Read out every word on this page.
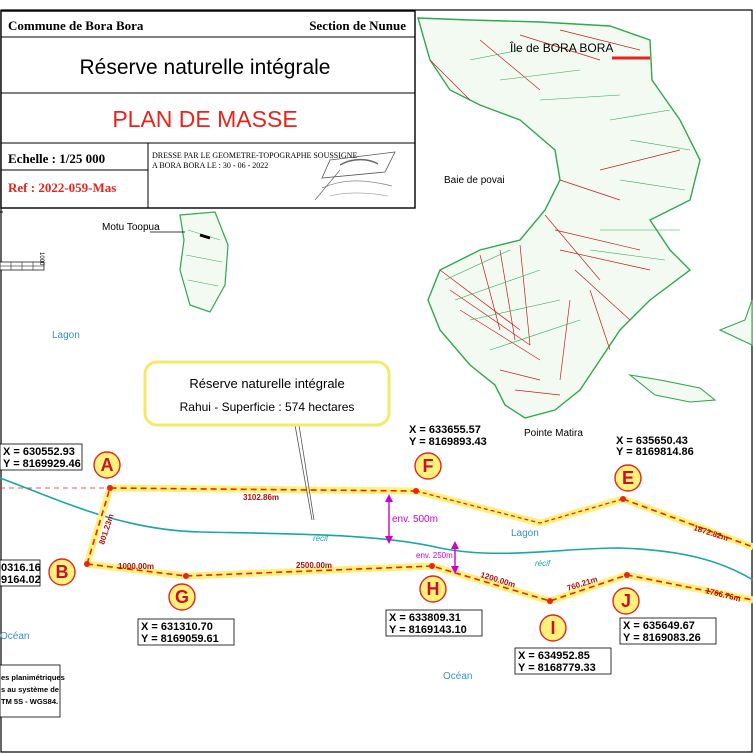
env. 500m
env. 250m
3102.86m
801.23m
1000.00m	2500.00m
1200.00m	760.21m
1872.82m
1766.76m
récif
récif
Lagon
Lagon
Océan
Océan
Île de BORA BORA
Baie de povai
Motu Toopua
Pointe Matira
Réserve naturelle intégrale
Rahui - Superficie : 574 hectares
A
B
F
E
G	H
I
J
X = 630552.93
Y = 8169929.46
0316.16
9164.02
X = 633655.57
Y = 8169893.43	X = 635650.43
Y = 8169814.86
X = 631310.70
Y = 8169059.61
X = 633809.31
Y = 8169143.10
X = 634952.85
Y = 8168779.33
X = 635649.67
Y = 8169083.26
es planimétriques
s au système de
TM 5S - WGS84.
1000
Commune de Bora Bora	Section de Nunue
Réserve naturelle intégrale
PLAN DE MASSE
Echelle : 1/25 000
Ref : 2022-059-Mas
DRESSE PAR LE GEOMETRE-TOPOGRAPHE SOUSSIGNE
A BORA BORA LE : 30 - 06 - 2022
